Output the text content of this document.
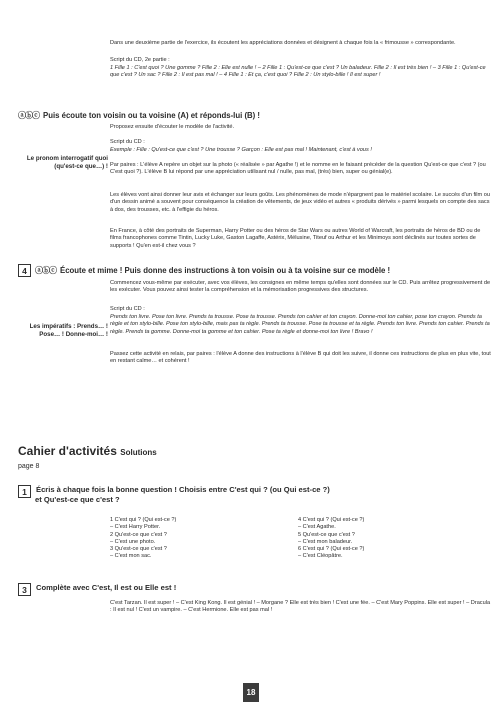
Dans une deuxième partie de l'exercice, ils écoutent les appréciations données et désignent à chaque fois la « frimousse » correspondante.

Script du CD, 2e partie :

1 Fille 1 : C'est quoi ? Une gomme ? Fille 2 : Elle est nulle ! – 2 Fille 1 : Qu'est-ce que c'est ? Un baladeur. Fille 2 : Il est très bien ! – 3 Fille 1 : Qu'est-ce que c'est ? Un sac ? Fille 2 : Il est pas mal ! – 4 Fille 1 : Et ça, c'est quoi ? Fille 2 : Un stylo-bille ! Il est super !

ⓐⓑⓒ Puis écoute ton voisin ou ta voisine (A) et réponds-lui (B) !

Proposez ensuite d'écouter le modèle de l'activité.

Script du CD :

Exemple : Fille : Qu'est-ce que c'est ? Une trousse ? Garçon : Elle est pas mal ! Maintenant, c'est à vous !

Le pronom interrogatif quoi (qu'est-ce que…) ! Par paires : L'élève A repère un objet sur la photo (« réalisée » par Agathe !) et le nomme en le faisant précéder de la question Qu'est-ce que c'est ? (ou C'est quoi ?). L'élève B lui répond par une appréciation utilisant nul / nulle, pas mal, (très) bien, super ou génial(e).

Les élèves vont ainsi donner leur avis et échanger sur leurs goûts. Les phénomènes de mode n'épargnent pas le matériel scolaire. Le succès d'un film ou d'un dessin animé a souvent pour conséquence la création de vêtements, de jeux vidéo et autres « produits dérivés » parmi lesquels on compte des sacs à dos, des trousses, etc. à l'effigie du héros.

En France, à côté des portraits de Superman, Harry Potter ou des héros de Star Wars ou autres World of Warcraft, les portraits de héros de BD ou de films francophones comme Tintin, Lucky Luke, Gaston Lagaffe, Astérix, Mélusine, Titeuf ou Arthur et les Minimoys sont déclinés sur toutes sortes de supports ! Qu'en est-il chez vous ?

4	ⓐⓑⓒ Écoute et mime ! Puis donne des instructions à ton voisin ou à ta voisine sur ce modèle !

Commencez vous-même par exécuter, avec vos élèves, les consignes en même temps qu'elles sont données sur le CD. Puis arrêtez progressivement de les exécuter. Vous pouvez ainsi tester la compréhension et la mémorisation progressives des structures.

Script du CD :

Les impératifs : Prends… ! Pose… ! Donne-moi… !

Prends ton livre. Pose ton livre. Prends ta trousse. Pose ta trousse. Prends ton cahier et ton crayon. Donne-moi ton cahier, pose ton crayon. Prends ta règle et ton stylo-bille. Pose ton stylo-bille, mais pas ta règle. Prends ta trousse. Pose ta trousse et ta règle. Prends ton livre. Prends ton cahier. Prends ta règle. Prends ta gomme. Donne-moi ta gomme et ton cahier. Pose ta règle et donne-moi ton livre ! Bravo !

Passez cette activité en relais, par paires : l'élève A donne des instructions à l'élève B qui doit les suivre, il donne ces instructions de plus en plus vite, tout en restant calme… et cohérent !

Cahier d'activités Solutions
page 8
1	Écris à chaque fois la bonne question ! Choisis entre C'est qui ? (ou Qui est-ce ?)
et Qu'est-ce que c'est ?
1 C'est qui ? (Qui est-ce ?)
– C'est Harry Potter.
2 Qu'est-ce que c'est ?
– C'est une photo.
3 Qu'est-ce que c'est ?
– C'est mon sac.
4 C'est qui ? (Qui est-ce ?)
– C'est Agathe.
5 Qu'est-ce que c'est ?
– C'est mon baladeur.
6 C'est qui ? (Qui est-ce ?)
– C'est Cléopâtre.
3	Complète avec C'est, Il est ou Elle est !

C'est Tarzan. Il est super ! – C'est King Kong. Il est génial ! – Morgane ? Elle est très bien ! C'est une fée. – C'est Mary Poppins. Elle est super ! – Dracula : Il est nul ! C'est un vampire. – C'est Hermione. Elle est pas mal !

18
